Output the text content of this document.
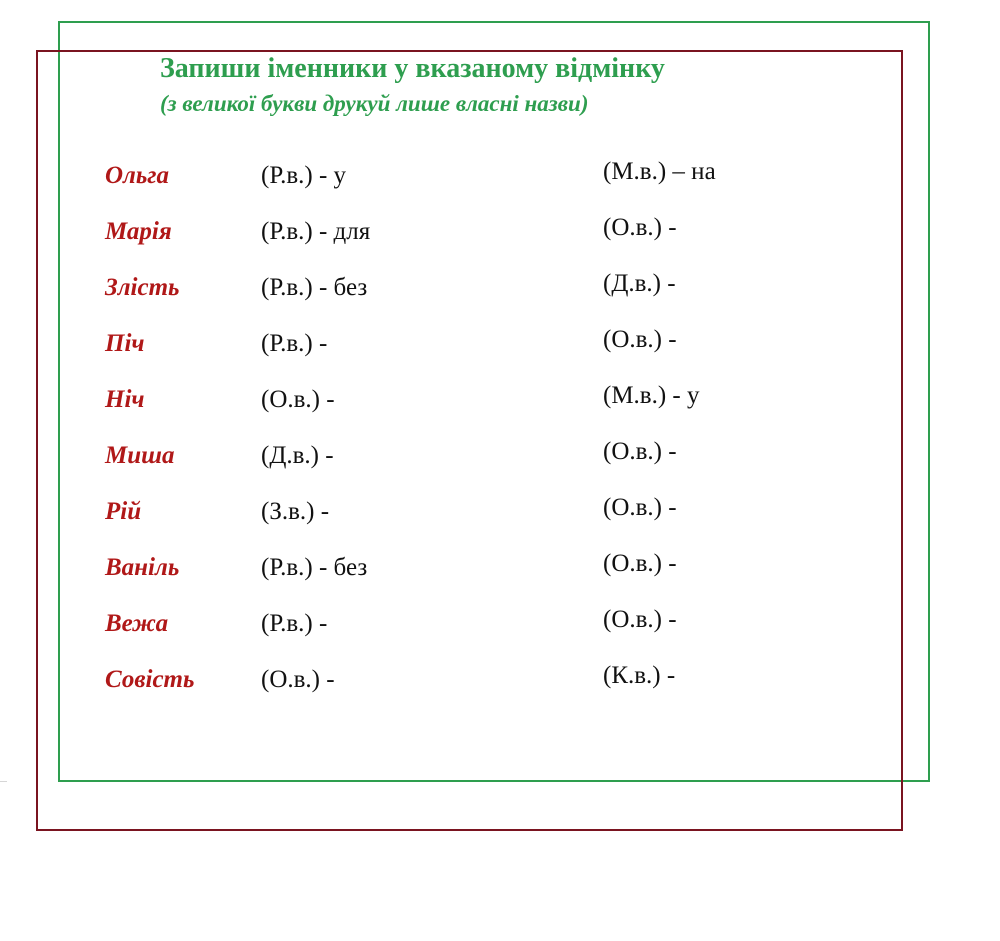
Запиши іменники у вказаному відмінку
(з великої букви друкуй лише власні назви)
Ольга	(Р.в.) - у	(М.в.) – на
Марія	(Р.в.) - для	(О.в.) -
Злість	(Р.в.) - без	(Д.в.) -
Піч	(Р.в.) -	(О.в.) -
Ніч	(О.в.) -	(М.в.) - у
Миша	(Д.в.) -	(О.в.) -
Рій	(З.в.) -	(О.в.) -
Ваніль	(Р.в.) - без	(О.в.) -
Вежа	(Р.в.) -	(О.в.) -
Совість	(О.в.) -	(К.в.) -
